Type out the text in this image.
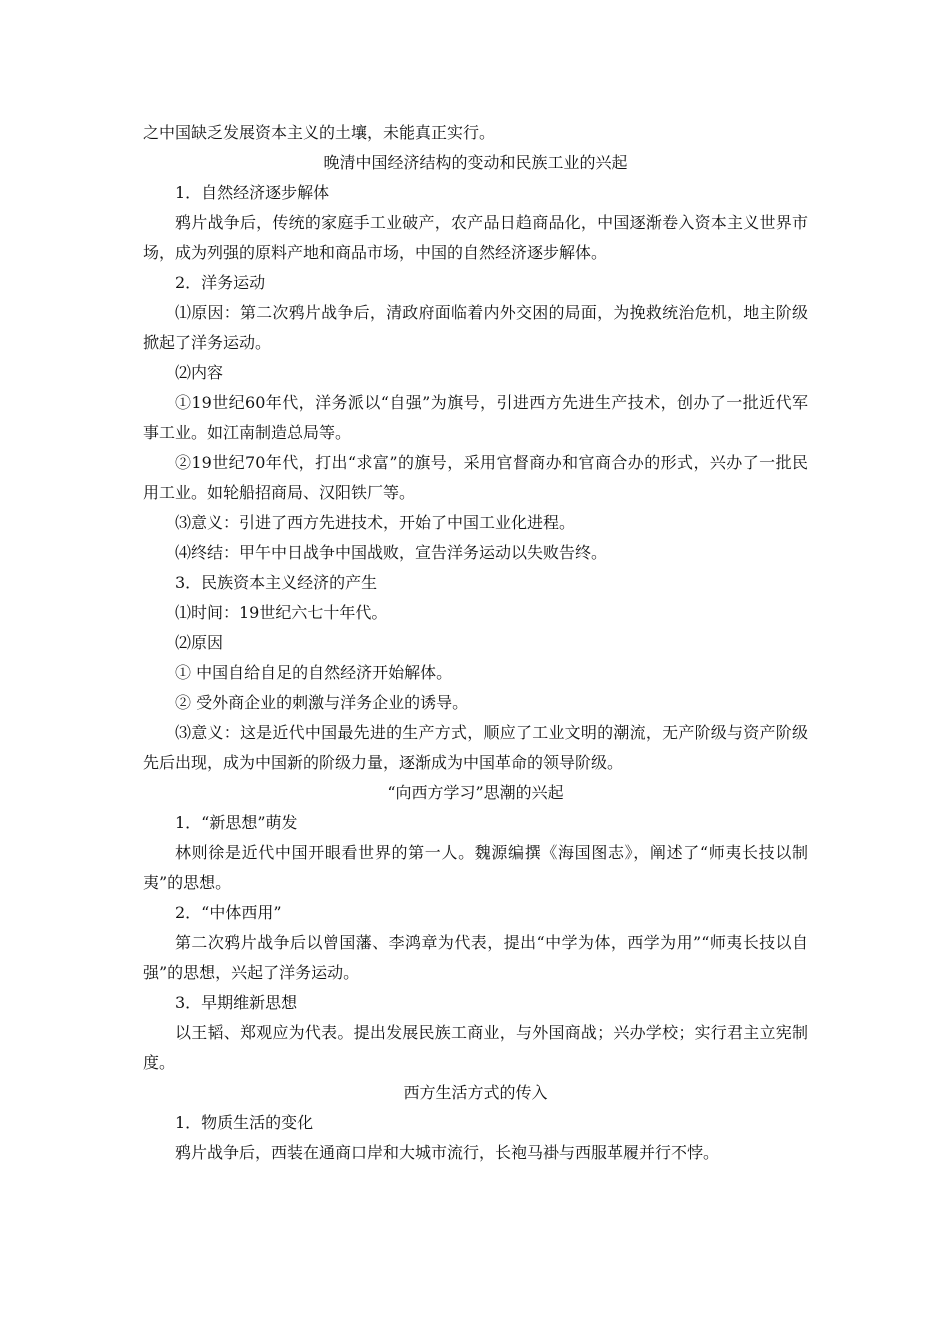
之中国缺乏发展资本主义的土壤，未能真正实行。

晚清中国经济结构的变动和民族工业的兴起

1．自然经济逐步解体

鸦片战争后，传统的家庭手工业破产，农产品日趋商品化，中国逐渐卷入资本主义世界市场，成为列强的原料产地和商品市场，中国的自然经济逐步解体。

2．洋务运动

⑴原因：第二次鸦片战争后，清政府面临着内外交困的局面，为挽救统治危机，地主阶级掀起了洋务运动。

⑵内容

①19世纪60年代，洋务派以“自强”为旗号，引进西方先进生产技术，创办了一批近代军事工业。如江南制造总局等。

②19世纪70年代，打出“求富”的旗号，采用官督商办和官商合办的形式，兴办了一批民用工业。如轮船招商局、汉阳铁厂等。

⑶意义：引进了西方先进技术，开始了中国工业化进程。

⑷终结：甲午中日战争中国战败，宣告洋务运动以失败告终。

3．民族资本主义经济的产生

⑴时间：19世纪六七十年代。

⑵原因

① 中国自给自足的自然经济开始解体。

② 受外商企业的刺激与洋务企业的诱导。

⑶意义：这是近代中国最先进的生产方式，顺应了工业文明的潮流，无产阶级与资产阶级先后出现，成为中国新的阶级力量，逐渐成为中国革命的领导阶级。

“向西方学习”思潮的兴起

1．“新思想”萌发

林则徐是近代中国开眼看世界的第一人。魏源编撰《海国图志》，阐述了“师夷长技以制夷”的思想。

2．“中体西用”

第二次鸦片战争后以曾国藩、李鸿章为代表，提出“中学为体，西学为用”“师夷长技以自强”的思想，兴起了洋务运动。

3．早期维新思想

以王韬、郑观应为代表。提出发展民族工商业，与外国商战；兴办学校；实行君主立宪制度。

西方生活方式的传入

1．物质生活的变化

鸦片战争后，西装在通商口岸和大城市流行，长袍马褂与西服革履并行不悖。
